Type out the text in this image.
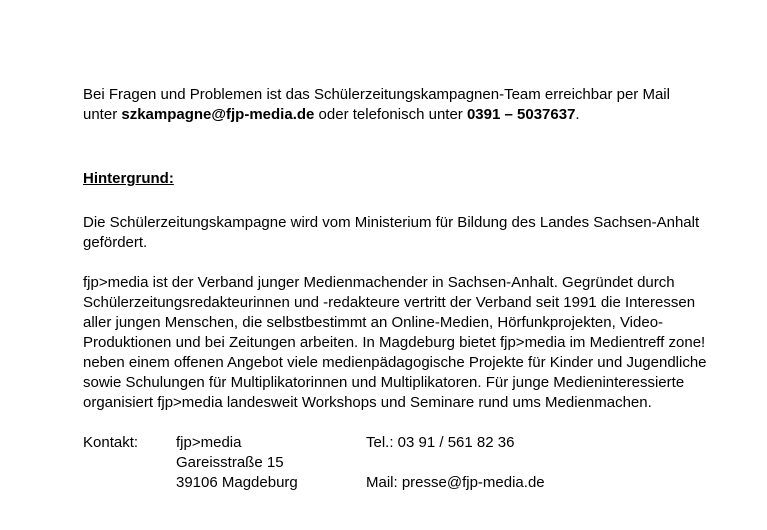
Bei Fragen und Problemen ist das Schülerzeitungskampagnen-Team erreichbar per Mail
unter szkampagne@fjp-media.de oder telefonisch unter 0391 – 5037637.
Hintergrund:
Die Schülerzeitungskampagne wird vom Ministerium für Bildung des Landes Sachsen-Anhalt
gefördert.
fjp>media ist der Verband junger Medienmachender in Sachsen-Anhalt. Gegründet durch
Schülerzeitungsredakteurinnen und -redakteure vertritt der Verband seit 1991 die Interessen
aller jungen Menschen, die selbstbestimmt an Online-Medien, Hörfunkprojekten, Video-
Produktionen und bei Zeitungen arbeiten. In Magdeburg bietet fjp>media im Medientreff zone!
neben einem offenen Angebot viele medienpädagogische Projekte für Kinder und Jugendliche
sowie Schulungen für Multiplikatorinnen und Multiplikatoren. Für junge Medieninteressierte
organisiert fjp>media landesweit Workshops und Seminare rund ums Medienmachen.
Kontakt:	fjp>media
Gareisstraße 15
39106 Magdeburg
Tel.: 03 91 / 561 82 36

Mail: presse@fjp-media.de
